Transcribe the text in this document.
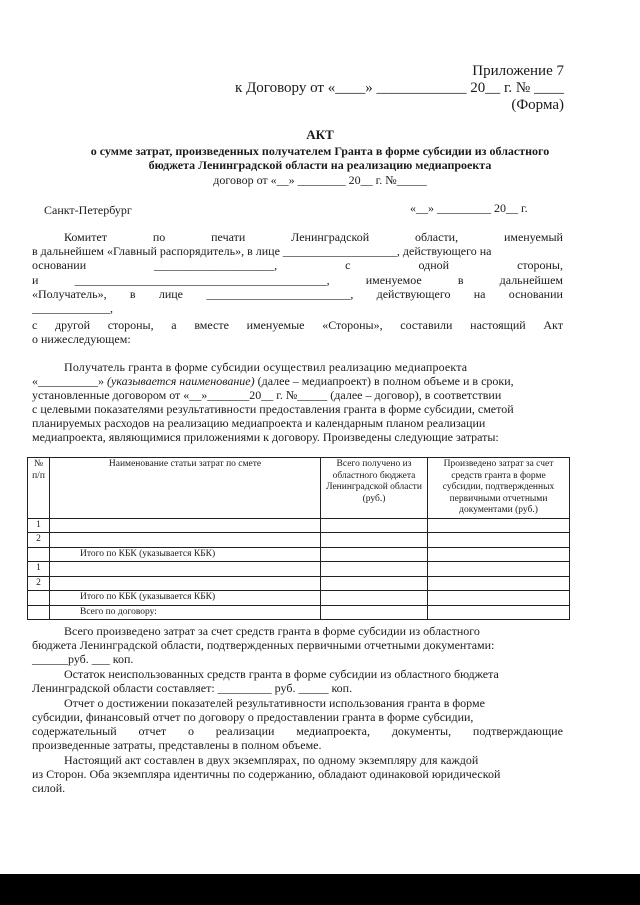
Приложение 7
к Договору от «____» ____________ 20__ г. № ____
(Форма)
АКТ
о сумме затрат, произведенных получателем Гранта в форме субсидии из областного
бюджета Ленинградской области на реализацию медиапроекта
договор от «__» ________ 20__ г. №_____
Санкт-Петербург	«__» _________ 20__ г.
Комитет	по	печати	Ленинградской	области,	именуемый
в дальнейшем «Главный распорядитель», в лице ___________________, действующего на
основании	____________________,	с	одной	стороны,
и	__________________________________________,	именуемое	в	дальнейшем
«Получатель», в лице ________________________, действующего на основании
_____________,
с другой стороны, а вместе именуемые «Стороны», составили настоящий Акт
о нижеследующем:
Получатель гранта в форме субсидии осуществил реализацию медиапроекта
«__________» (указывается наименование) (далее – медиапроект) в полном объеме и в сроки,
установленные договором от «__»_______20__ г. №_____ (далее – договор), в соответствии
с целевыми показателями результативности предоставления гранта в форме субсидии, сметой
планируемых расходов на реализацию медиапроекта и календарным планом реализации
медиапроекта, являющимися приложениями к договору. Произведены следующие затраты:
№ п/п	Наименование статьи затрат по смете	Всего получено из областного бюджета Ленинградской области (руб.)	Произведено затрат за счет средств гранта в форме субсидии, подтвержденных первичными отчетными документами (руб.)
1			
2			
	Итого по КБК (указывается КБК)		
1			
2			
	Итого по КБК (указывается КБК)		
	Всего по договору:		
Всего произведено затрат за счет средств гранта в форме субсидии из областного
бюджета Ленинградской области, подтвержденных первичными отчетными документами:
______руб. ___ коп.
Остаток неиспользованных средств гранта в форме субсидии из областного бюджета
Ленинградской области составляет: _________ руб. _____ коп.
Отчет о достижении показателей результативности использования гранта в форме
субсидии, финансовый отчет по договору о предоставлении гранта в форме субсидии,
содержательный отчет о реализации медиапроекта, документы, подтверждающие
произведенные затраты, представлены в полном объеме.
Настоящий акт составлен в двух экземплярах, по одному экземпляру для каждой
из Сторон. Оба экземпляра идентичны по содержанию, обладают одинаковой юридической
силой.
